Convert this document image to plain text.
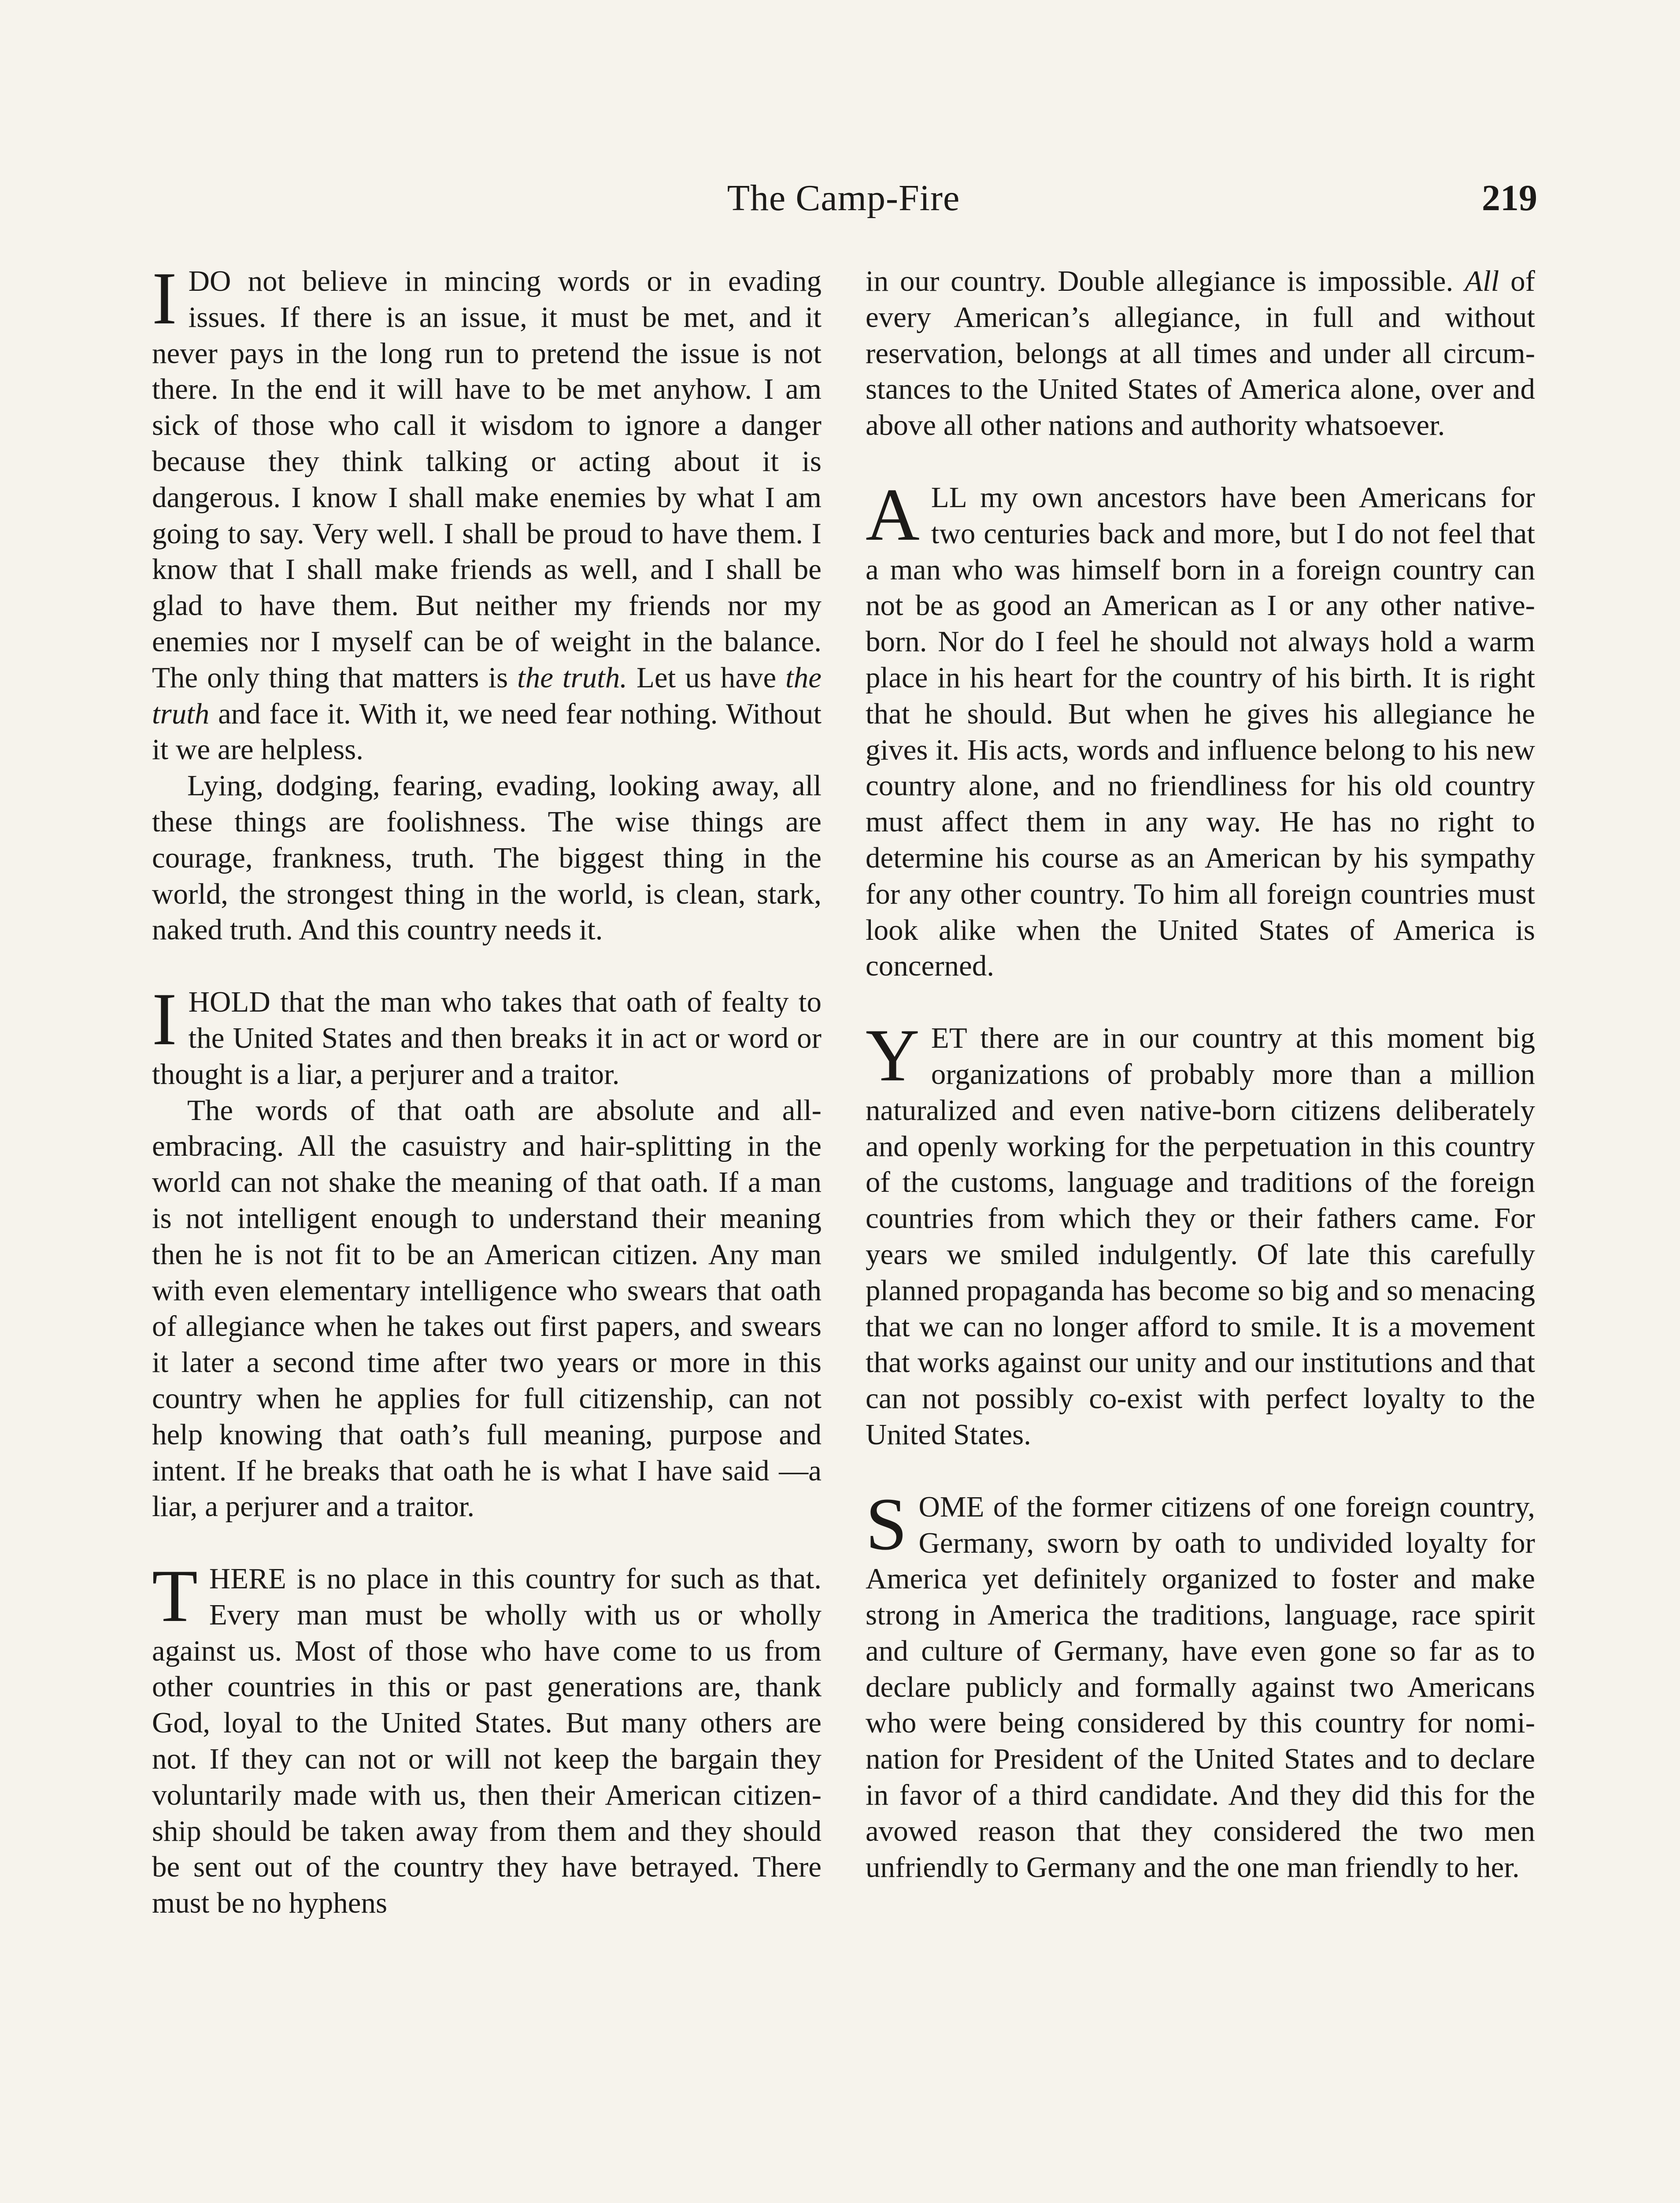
The Camp-Fire	219

I DO not believe in mincing words or in evading issues. If there is an issue, it must be met, and it never pays in the long run to pretend the issue is not there. In the end it will have to be met anyhow. I am sick of those who call it wisdom to ignore a danger because they think talking or acting about it is dangerous. I know I shall make enemies by what I am going to say. Very well. I shall be proud to have them. I know that I shall make friends as well, and I shall be glad to have them. But neither my friends nor my enemies nor I myself can be of weight in the balance. The only thing that matters is the truth. Let us have the truth and face it. With it, we need fear nothing. Without it we are helpless.

Lying, dodging, fearing, evading, looking away, all these things are foolishness. The wise things are courage, frankness, truth. The biggest thing in the world, the strongest thing in the world, is clean, stark, naked truth. And this country needs it.

I HOLD that the man who takes that oath of fealty to the United States and then breaks it in act or word or thought is a liar, a perjurer and a traitor.

The words of that oath are absolute and all-embracing. All the casuistry and hair-splitting in the world can not shake the meaning of that oath. If a man is not intelligent enough to understand their meaning then he is not fit to be an American citizen. Any man with even elementary intelligence who swears that oath of allegiance when he takes out first papers, and swears it later a second time after two years or more in this country when he applies for full citizenship, can not help knowing that oath’s full meaning, purpose and intent. If he breaks that oath he is what I have said —a liar, a perjurer and a traitor.

THERE is no place in this country for such as that. Every man must be wholly with us or wholly against us. Most of those who have come to us from other countries in this or past generations are, thank God, loyal to the United States. But many others are not. If they can not or will not keep the bargain they voluntarily made with us, then their American citizenship should be taken away from them and they should be sent out of the country they have betrayed. There must be no hyphens

in our country. Double allegiance is impossible. All of every American’s allegiance, in full and without reservation, belongs at all times and under all circumstances to the United States of America alone, over and above all other nations and authority whatsoever.

ALL my own ancestors have been Americans for two centuries back and more, but I do not feel that a man who was himself born in a foreign country can not be as good an American as I or any other native-born. Nor do I feel he should not always hold a warm place in his heart for the country of his birth. It is right that he should. But when he gives his allegiance he gives it. His acts, words and influence belong to his new country alone, and no friendliness for his old country must affect them in any way. He has no right to determine his course as an American by his sympathy for any other country. To him all foreign countries must look alike when the United States of America is concerned.

YET there are in our country at this moment big organizations of probably more than a million naturalized and even native-born citizens deliberately and openly working for the perpetuation in this country of the customs, language and traditions of the foreign countries from which they or their fathers came. For years we smiled indulgently. Of late this carefully planned propaganda has become so big and so menacing that we can no longer afford to smile. It is a movement that works against our unity and our institutions and that can not possibly co-exist with perfect loyalty to the United States.

SOME of the former citizens of one foreign country, Germany, sworn by oath to undivided loyalty for America yet definitely organized to foster and make strong in America the traditions, language, race spirit and culture of Germany, have even gone so far as to declare publicly and formally against two Americans who were being considered by this country for nomination for President of the United States and to declare in favor of a third candidate. And they did this for the avowed reason that they considered the two men unfriendly to Germany and the one man friendly to her.
